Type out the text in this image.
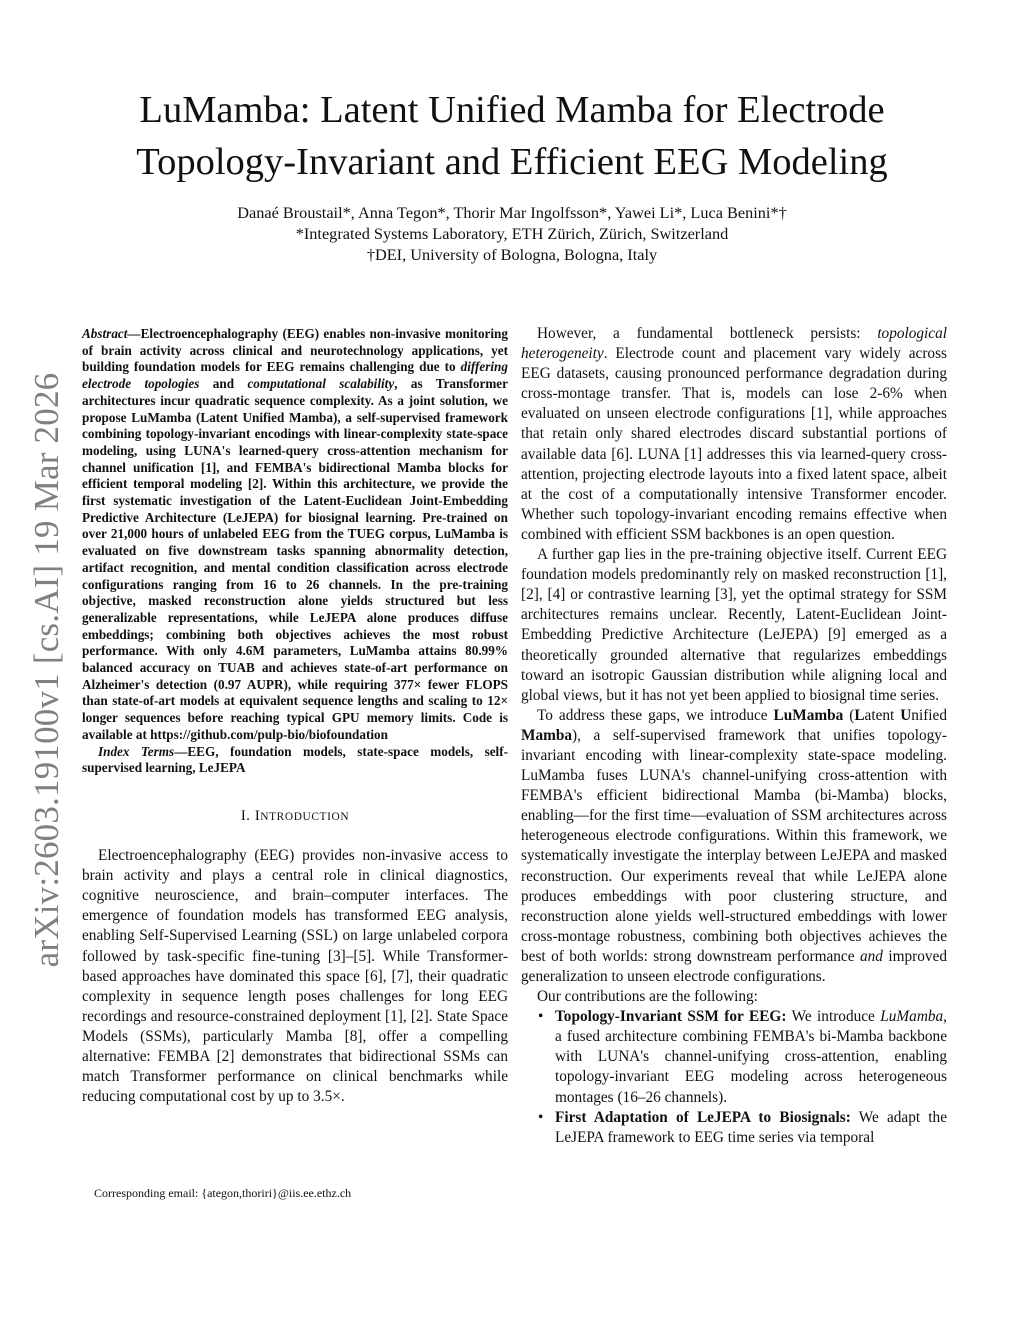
arXiv:2603.19100v1 [cs.AI] 19 Mar 2026
LuMamba: Latent Unified Mamba for Electrode
Topology-Invariant and Efficient EEG Modeling
Danaé Broustail*, Anna Tegon*, Thorir Mar Ingolfsson*, Yawei Li*, Luca Benini*†
*Integrated Systems Laboratory, ETH Zürich, Zürich, Switzerland
†DEI, University of Bologna, Bologna, Italy

Abstract—Electroencephalography (EEG) enables non-invasive monitoring of brain activity across clinical and neurotechnology applications, yet building foundation models for EEG remains challenging due to differing electrode topologies and computational scalability, as Transformer architectures incur quadratic sequence complexity. As a joint solution, we propose LuMamba (Latent Unified Mamba), a self-supervised framework combining topology-invariant encodings with linear-complexity state-space modeling, using LUNA's learned-query cross-attention mechanism for channel unification [1], and FEMBA's bidirectional Mamba blocks for efficient temporal modeling [2]. Within this architecture, we provide the first systematic investigation of the Latent-Euclidean Joint-Embedding Predictive Architecture (LeJEPA) for biosignal learning. Pre-trained on over 21,000 hours of unlabeled EEG from the TUEG corpus, LuMamba is evaluated on five downstream tasks spanning abnormality detection, artifact recognition, and mental condition classification across electrode configurations ranging from 16 to 26 channels. In the pre-training objective, masked reconstruction alone yields structured but less generalizable representations, while LeJEPA alone produces diffuse embeddings; combining both objectives achieves the most robust performance. With only 4.6M parameters, LuMamba attains 80.99% balanced accuracy on TUAB and achieves state-of-art performance on Alzheimer's detection (0.97 AUPR), while requiring 377× fewer FLOPS than state-of-art models at equivalent sequence lengths and scaling to 12× longer sequences before reaching typical GPU memory limits. Code is available at https://github.com/pulp-bio/biofoundation

Index Terms—EEG, foundation models, state-space models, self-supervised learning, LeJEPA

I. INTRODUCTION

Electroencephalography (EEG) provides non-invasive access to brain activity and plays a central role in clinical diagnostics, cognitive neuroscience, and brain–computer interfaces. The emergence of foundation models has transformed EEG analysis, enabling Self-Supervised Learning (SSL) on large unlabeled corpora followed by task-specific fine-tuning [3]–[5]. While Transformer-based approaches have dominated this space [6], [7], their quadratic complexity in sequence length poses challenges for long EEG recordings and resource-constrained deployment [1], [2]. State Space Models (SSMs), particularly Mamba [8], offer a compelling alternative: FEMBA [2] demonstrates that bidirectional SSMs can match Transformer performance on clinical benchmarks while reducing computational cost by up to 3.5×.

Corresponding email: {ategon,thoriri}@iis.ee.ethz.ch

However, a fundamental bottleneck persists: topological heterogeneity. Electrode count and placement vary widely across EEG datasets, causing pronounced performance degradation during cross-montage transfer. That is, models can lose 2-6% when evaluated on unseen electrode configurations [1], while approaches that retain only shared electrodes discard substantial portions of available data [6]. LUNA [1] addresses this via learned-query cross-attention, projecting electrode layouts into a fixed latent space, albeit at the cost of a computationally intensive Transformer encoder. Whether such topology-invariant encoding remains effective when combined with efficient SSM backbones is an open question.

A further gap lies in the pre-training objective itself. Current EEG foundation models predominantly rely on masked reconstruction [1], [2], [4] or contrastive learning [3], yet the optimal strategy for SSM architectures remains unclear. Recently, Latent-Euclidean Joint-Embedding Predictive Architecture (LeJEPA) [9] emerged as a theoretically grounded alternative that regularizes embeddings toward an isotropic Gaussian distribution while aligning local and global views, but it has not yet been applied to biosignal time series.

To address these gaps, we introduce LuMamba (Latent Unified Mamba), a self-supervised framework that unifies topology-invariant encoding with linear-complexity state-space modeling. LuMamba fuses LUNA's channel-unifying cross-attention with FEMBA's efficient bidirectional Mamba (bi-Mamba) blocks, enabling—for the first time—evaluation of SSM architectures across heterogeneous electrode configurations. Within this framework, we systematically investigate the interplay between LeJEPA and masked reconstruction. Our experiments reveal that while LeJEPA alone produces embeddings with poor clustering structure, and reconstruction alone yields well-structured embeddings with lower cross-montage robustness, combining both objectives achieves the best of both worlds: strong downstream performance and improved generalization to unseen electrode configurations.

Our contributions are the following:

• Topology-Invariant SSM for EEG: We introduce LuMamba, a fused architecture combining FEMBA's bi-Mamba backbone with LUNA's channel-unifying cross-attention, enabling topology-invariant EEG modeling across heterogeneous montages (16–26 channels).
• First Adaptation of LeJEPA to Biosignals: We adapt the LeJEPA framework to EEG time series via temporal
